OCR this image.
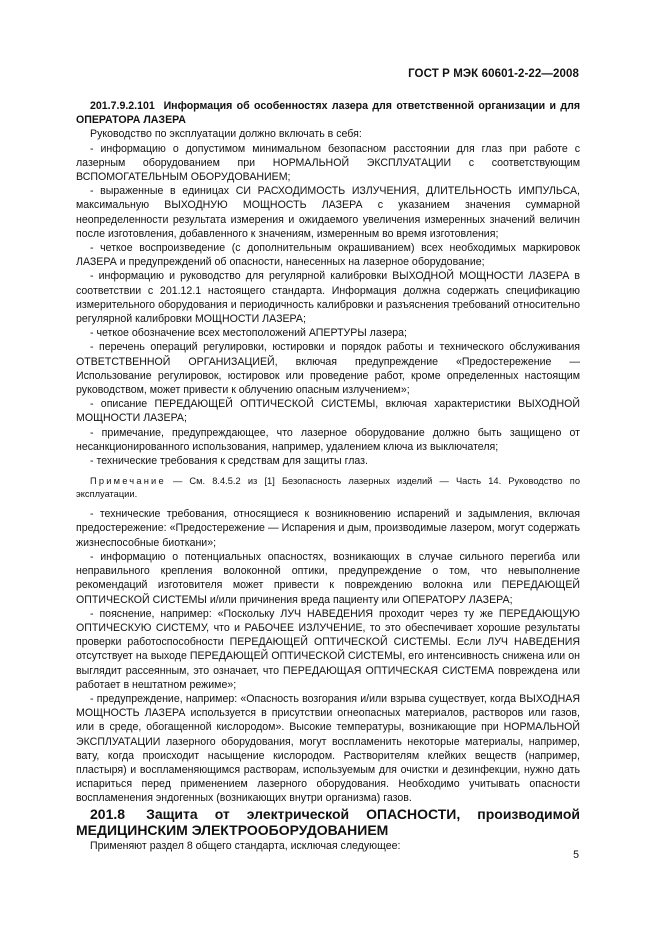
ГОСТ Р МЭК 60601-2-22—2008

201.7.9.2.101 Информация об особенностях лазера для ответственной организации и для ОПЕРАТОРА ЛАЗЕРА

Руководство по эксплуатации должно включать в себя:

- информацию о допустимом минимальном безопасном расстоянии для глаз при работе с лазерным оборудованием при НОРМАЛЬНОЙ ЭКСПЛУАТАЦИИ с соответствующим ВСПОМОГАТЕЛЬНЫМ ОБОРУДОВАНИЕМ;

- выраженные в единицах СИ РАСХОДИМОСТЬ ИЗЛУЧЕНИЯ, ДЛИТЕЛЬНОСТЬ ИМПУЛЬСА, максимальную ВЫХОДНУЮ МОЩНОСТЬ ЛАЗЕРА с указанием значения суммарной неопределенности результата измерения и ожидаемого увеличения измеренных значений величин после изготовления, добавленного к значениям, измеренным во время изготовления;

- четкое воспроизведение (с дополнительным окрашиванием) всех необходимых маркировок ЛАЗЕРА и предупреждений об опасности, нанесенных на лазерное оборудование;

- информацию и руководство для регулярной калибровки ВЫХОДНОЙ МОЩНОСТИ ЛАЗЕРА в соответствии с 201.12.1 настоящего стандарта. Информация должна содержать спецификацию измерительного оборудования и периодичность калибровки и разъяснения требований относительно регулярной калибровки МОЩНОСТИ ЛАЗЕРА;

- четкое обозначение всех местоположений АПЕРТУРЫ лазера;

- перечень операций регулировки, юстировки и порядок работы и технического обслуживания ОТВЕТСТВЕННОЙ ОРГАНИЗАЦИЕЙ, включая предупреждение «Предостережение — Использование регулировок, юстировок или проведение работ, кроме определенных настоящим руководством, может привести к облучению опасным излучением»;

- описание ПЕРЕДАЮЩЕЙ ОПТИЧЕСКОЙ СИСТЕМЫ, включая характеристики ВЫХОДНОЙ МОЩНОСТИ ЛАЗЕРА;

- примечание, предупреждающее, что лазерное оборудование должно быть защищено от несанкционированного использования, например, удалением ключа из выключателя;

- технические требования к средствам для защиты глаз.

Примечание — См. 8.4.5.2 из [1] Безопасность лазерных изделий — Часть 14. Руководство по эксплуатации.

- технические требования, относящиеся к возникновению испарений и задымления, включая предостережение: «Предостережение — Испарения и дым, производимые лазером, могут содержать жизнеспособные биоткани»;

- информацию о потенциальных опасностях, возникающих в случае сильного перегиба или неправильного крепления волоконной оптики, предупреждение о том, что невыполнение рекомендаций изготовителя может привести к повреждению волокна или ПЕРЕДАЮЩЕЙ ОПТИЧЕСКОЙ СИСТЕМЫ и/или причинения вреда пациенту или ОПЕРАТОРУ ЛАЗЕРА;

- пояснение, например: «Поскольку ЛУЧ НАВЕДЕНИЯ проходит через ту же ПЕРЕДАЮЩУЮ ОПТИЧЕСКУЮ СИСТЕМУ, что и РАБОЧЕЕ ИЗЛУЧЕНИЕ, то это обеспечивает хорошие результаты проверки работоспособности ПЕРЕДАЮЩЕЙ ОПТИЧЕСКОЙ СИСТЕМЫ. Если ЛУЧ НАВЕДЕНИЯ отсутствует на выходе ПЕРЕДАЮЩЕЙ ОПТИЧЕСКОЙ СИСТЕМЫ, его интенсивность снижена или он выглядит рассеянным, это означает, что ПЕРЕДАЮЩАЯ ОПТИЧЕСКАЯ СИСТЕМА повреждена или работает в нештатном режиме»;

- предупреждение, например: «Опасность возгорания и/или взрыва существует, когда ВЫХОДНАЯ МОЩНОСТЬ ЛАЗЕРА используется в присутствии огнеопасных материалов, растворов или газов, или в среде, обогащенной кислородом». Высокие температуры, возникающие при НОРМАЛЬНОЙ ЭКСПЛУАТАЦИИ лазерного оборудования, могут воспламенить некоторые материалы, например, вату, когда происходит насыщение кислородом. Растворителям клейких веществ (например, пластыря) и воспламеняющимся растворам, используемым для очистки и дезинфекции, нужно дать испариться перед применением лазерного оборудования. Необходимо учитывать опасности воспламенения эндогенных (возникающих внутри организма) газов.

201.8 Защита от электрической ОПАСНОСТИ, производимой МЕДИЦИНСКИМ ЭЛЕКТРООБОРУДОВАНИЕМ

Применяют раздел 8 общего стандарта, исключая следующее:

5
